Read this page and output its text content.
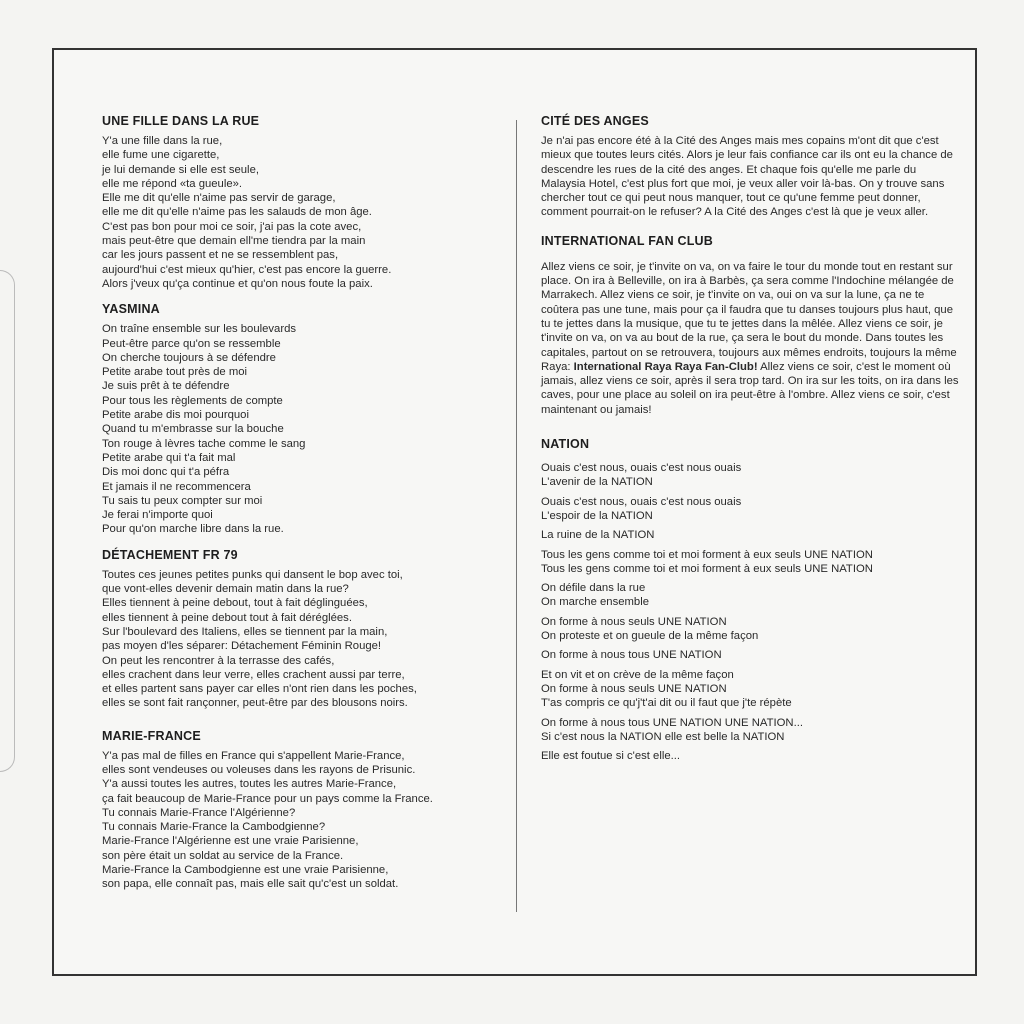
UNE FILLE DANS LA RUE
Y'a une fille dans la rue,
elle fume une cigarette,
je lui demande si elle est seule,
elle me répond «ta gueule».
Elle me dit qu'elle n'aime pas servir de garage,
elle me dit qu'elle n'aime pas les salauds de mon âge.
C'est pas bon pour moi ce soir, j'ai pas la cote avec,
mais peut-être que demain ell'me tiendra par la main
car les jours passent et ne se ressemblent pas,
aujourd'hui c'est mieux qu'hier, c'est pas encore la guerre.
Alors j'veux qu'ça continue et qu'on nous foute la paix.
YASMINA
On traîne ensemble sur les boulevards
Peut-être parce qu'on se ressemble
On cherche toujours à se défendre
Petite arabe tout près de moi
Je suis prêt à te défendre
Pour tous les règlements de compte
Petite arabe dis moi pourquoi
Quand tu m'embrasse sur la bouche
Ton rouge à lèvres tache comme le sang
Petite arabe qui t'a fait mal
Dis moi donc qui t'a péfra
Et jamais il ne recommencera
Tu sais tu peux compter sur moi
Je ferai n'importe quoi
Pour qu'on marche libre dans la rue.
DÉTACHEMENT FR 79
Toutes ces jeunes petites punks qui dansent le bop avec toi,
que vont-elles devenir demain matin dans la rue?
Elles tiennent à peine debout, tout à fait déglinguées,
elles tiennent à peine debout tout à fait déréglées.
Sur l'boulevard des Italiens, elles se tiennent par la main,
pas moyen d'les séparer: Détachement Féminin Rouge!
On peut les rencontrer à la terrasse des cafés,
elles crachent dans leur verre, elles crachent aussi par terre,
et elles partent sans payer car elles n'ont rien dans les poches,
elles se sont fait rançonner, peut-être par des blousons noirs.
MARIE-FRANCE
Y'a pas mal de filles en France qui s'appellent Marie-France,
elles sont vendeuses ou voleuses dans les rayons de Prisunic.
Y'a aussi toutes les autres, toutes les autres Marie-France,
ça fait beaucoup de Marie-France pour un pays comme la France.
Tu connais Marie-France l'Algérienne?
Tu connais Marie-France la Cambodgienne?
Marie-France l'Algérienne est une vraie Parisienne,
son père était un soldat au service de la France.
Marie-France la Cambodgienne est une vraie Parisienne,
son papa, elle connaît pas, mais elle sait qu'c'est un soldat.
CITÉ DES ANGES

Je n'ai pas encore été à la Cité des Anges mais mes copains m'ont dit que c'est mieux que toutes leurs cités. Alors je leur fais confiance car ils ont eu la chance de descendre les rues de la cité des anges. Et chaque fois qu'elle me parle du Malaysia Hotel, c'est plus fort que moi, je veux aller voir là-bas. On y trouve sans chercher tout ce qui peut nous manquer, tout ce qu'une femme peut donner, comment pourrait-on le refuser? A la Cité des Anges c'est là que je veux aller.

INTERNATIONAL FAN CLUB

Allez viens ce soir, je t'invite on va, on va faire le tour du monde tout en restant sur place. On ira à Belleville, on ira à Barbès, ça sera comme l'Indochine mélangée de Marrakech. Allez viens ce soir, je t'invite on va, oui on va sur la lune, ça ne te coûtera pas une tune, mais pour ça il faudra que tu danses toujours plus haut, que tu te jettes dans la musique, que tu te jettes dans la mêlée. Allez viens ce soir, je t'invite on va, on va au bout de la rue, ça sera le bout du monde. Dans toutes les capitales, partout on se retrouvera, toujours aux mêmes endroits, toujours la même Raya: International Raya Raya Fan-Club! Allez viens ce soir, c'est le moment où jamais, allez viens ce soir, après il sera trop tard. On ira sur les toits, on ira dans les caves, pour une place au soleil on ira peut-être à l'ombre. Allez viens ce soir, c'est maintenant ou jamais!

NATION
Ouais c'est nous, ouais c'est nous ouais
L'avenir de la NATION
Ouais c'est nous, ouais c'est nous ouais
L'espoir de la NATION
La ruine de la NATION
Tous les gens comme toi et moi forment à eux seuls UNE NATION
Tous les gens comme toi et moi forment à eux seuls UNE NATION
On défile dans la rue
On marche ensemble
On forme à nous seuls UNE NATION
On proteste et on gueule de la même façon
On forme à nous tous UNE NATION
Et on vit et on crève de la même façon
On forme à nous seuls UNE NATION
T'as compris ce qu'j't'ai dit ou il faut que j'te répète
On forme à nous tous UNE NATION UNE NATION...
Si c'est nous la NATION elle est belle la NATION
Elle est foutue si c'est elle...
